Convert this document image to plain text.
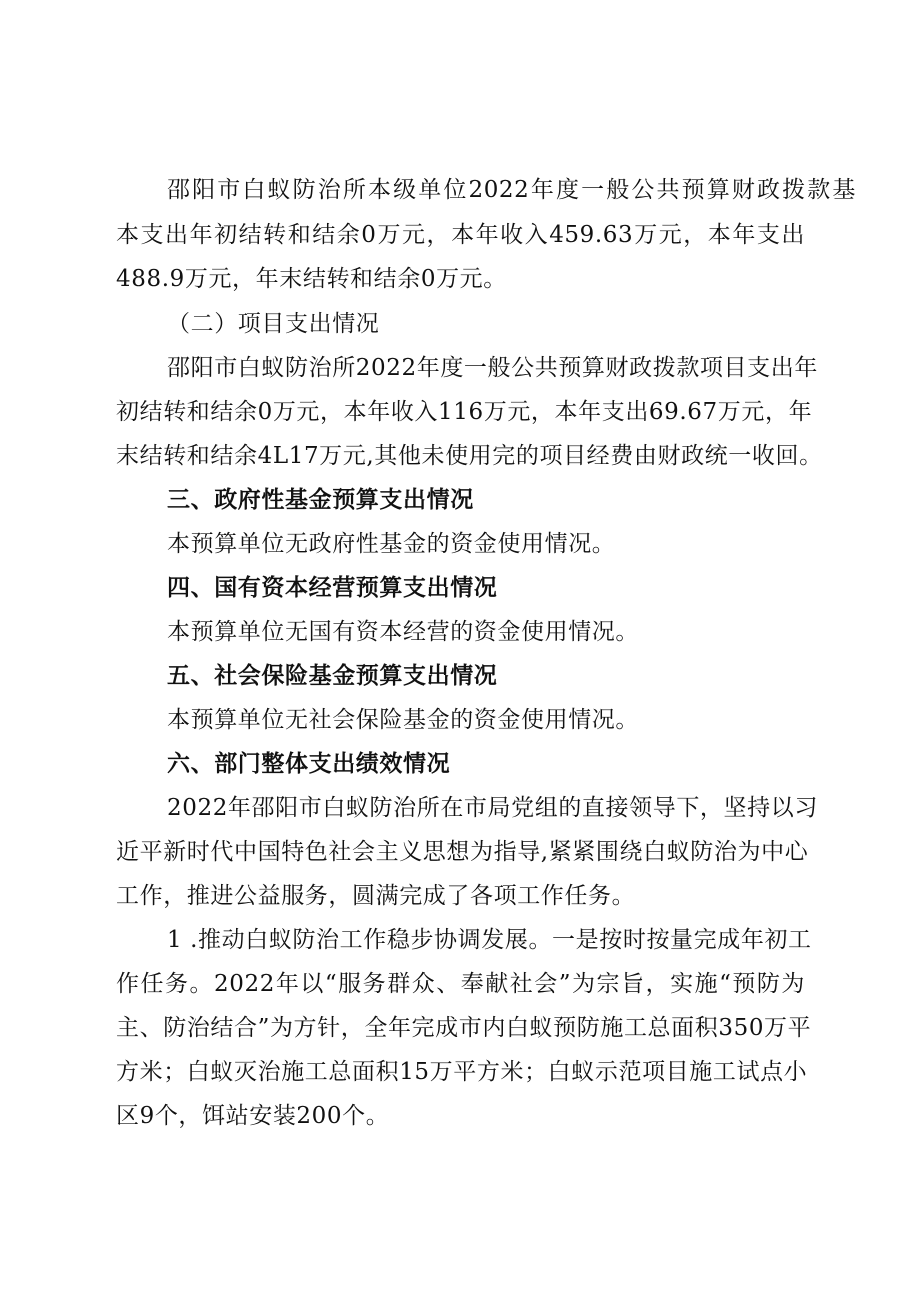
邵阳市白蚁防治所本级单位2022年度一般公共预算财政拨款基
本支出年初结转和结余0万元，本年收入459.63万元，本年支出
488.9万元，年末结转和结余0万元。
（二）项目支出情况
邵阳市白蚁防治所2022年度一般公共预算财政拨款项目支出年
初结转和结余0万元，本年收入116万元，本年支出69.67万元，年
末结转和结余4L17万元,其他未使用完的项目经费由财政统一收回。
三、政府性基金预算支出情况
本预算单位无政府性基金的资金使用情况。
四、国有资本经营预算支出情况
本预算单位无国有资本经营的资金使用情况。
五、社会保险基金预算支出情况
本预算单位无社会保险基金的资金使用情况。
六、部门整体支出绩效情况
2022年邵阳市白蚁防治所在市局党组的直接领导下，坚持以习
近平新时代中国特色社会主义思想为指导,紧紧围绕白蚁防治为中心
工作，推进公益服务，圆满完成了各项工作任务。
1 .推动白蚁防治工作稳步协调发展。一是按时按量完成年初工
作任务。2022年以“服务群众、奉献社会”为宗旨，实施“预防为
主、防治结合”为方针，全年完成市内白蚁预防施工总面积350万平
方米；白蚁灭治施工总面积15万平方米；白蚁示范项目施工试点小
区9个，饵站安装200个。
